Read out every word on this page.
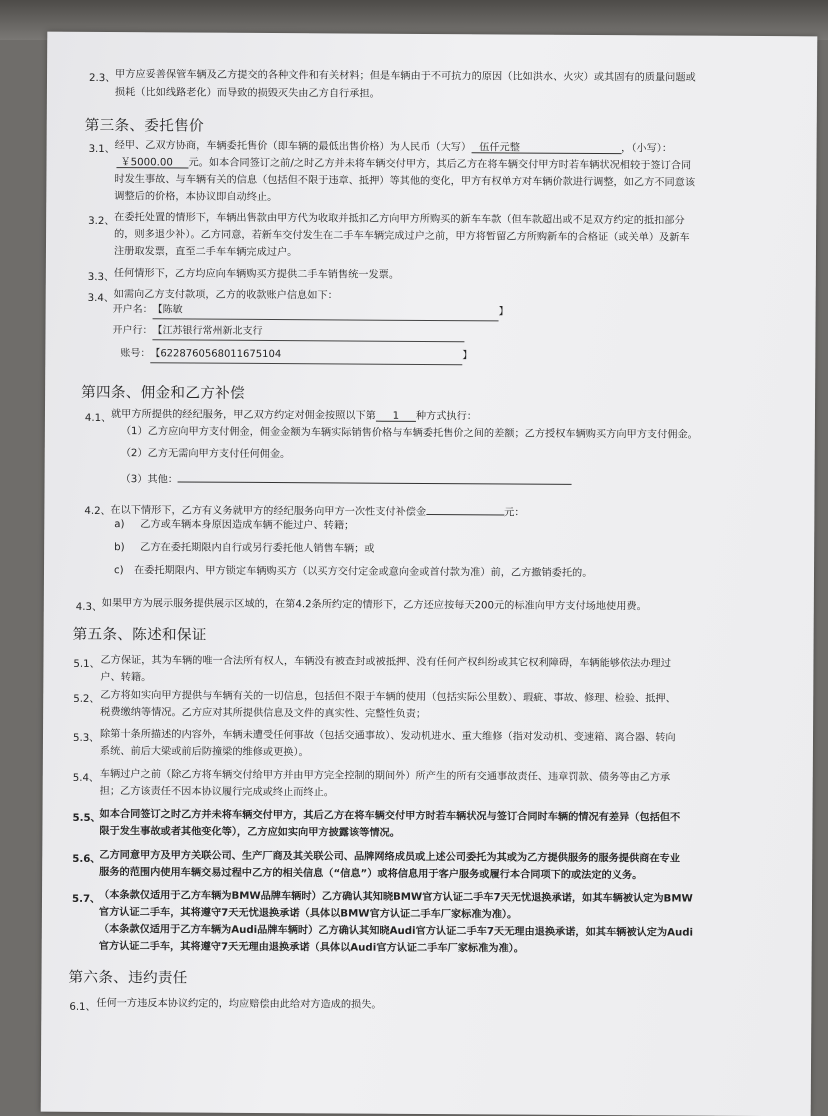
2.3、 甲方应妥善保管车辆及乙方提交的各种文件和有关材料；但是车辆由于不可抗力的原因（比如洪水、火灾）或其固有的质量问题或
损耗（比如线路老化）而导致的损毁灭失由乙方自行承担。
第三条、委托售价
3.1、 经甲、乙双方协商，车辆委托售价（即车辆的最低出售价格）为人民币（大写） 伍仟元整	，（小写）：
￥5000.00 元。如本合同签订之前/之时乙方并未将车辆交付甲方，其后乙方在将车辆交付甲方时若车辆状况相较于签订合同
时发生事故、与车辆有关的信息（包括但不限于违章、抵押）等其他的变化，甲方有权单方对车辆价款进行调整，如乙方不同意该
调整后的价格，本协议即自动终止。
3.2、 在委托处置的情形下，车辆出售款由甲方代为收取并抵扣乙方向甲方所购买的新车车款（但车款超出或不足双方约定的抵扣部分
的，则多退少补）。乙方同意，若新车交付发生在二手车车辆完成过户之前，甲方将暂留乙方所购新车的合格证（或关单）及新车
注册取发票，直至二手车车辆完成过户。
3.3、 任何情形下，乙方均应向车辆购买方提供二手车销售统一发票。
3.4、 如需向乙方支付款项，乙方的收款账户信息如下：
开户名：【陈敏	】
开户行：【江苏银行常州新北支行
账号：【6228760568011675104	】
第四条、佣金和乙方补偿
4.1、 就甲方所提供的经纪服务，甲乙双方约定对佣金按照以下第 1 种方式执行：
（1）乙方应向甲方支付佣金，佣金金额为车辆实际销售价格与车辆委托售价之间的差额；乙方授权车辆购买方向甲方支付佣金。
（2）乙方无需向甲方支付任何佣金。
（3）其他：
4.2、 在以下情形下，乙方有义务就甲方的经纪服务向甲方一次性支付补偿金	元：
a) 乙方或车辆本身原因造成车辆不能过户、转籍；
b) 乙方在委托期限内自行或另行委托他人销售车辆；或
c) 在委托期限内、甲方锁定车辆购买方（以买方交付定金或意向金或首付款为准）前，乙方撤销委托的。
4.3、 如果甲方为展示服务提供展示区域的，在第4.2条所约定的情形下，乙方还应按每天200元的标准向甲方支付场地使用费。
第五条、陈述和保证
5.1、 乙方保证，其为车辆的唯一合法所有权人，车辆没有被查封或被抵押、没有任何产权纠纷或其它权利障碍，车辆能够依法办理过
户、转籍。
5.2、 乙方将如实向甲方提供与车辆有关的一切信息，包括但不限于车辆的使用（包括实际公里数）、瑕疵、事故、修理、检验、抵押、
税费缴纳等情况。乙方应对其所提供信息及文件的真实性、完整性负责；
5.3、 除第十条所描述的内容外，车辆未遭受任何事故（包括交通事故）、发动机进水、重大维修（指对发动机、变速箱、离合器、转向
系统、前后大梁或前后防撞梁的维修或更换）。
5.4、 车辆过户之前（除乙方将车辆交付给甲方并由甲方完全控制的期间外）所产生的所有交通事故责任、违章罚款、债务等由乙方承
担；乙方该责任不因本协议履行完成或终止而终止。
5.5、
如本合同签订之时乙方并未将车辆交付甲方，其后乙方在将车辆交付甲方时若车辆状况与签订合同时车辆的情况有差异（包括但不
限于发生事故或者其他变化等），乙方应如实向甲方披露该等情况。
5.6、
乙方同意甲方及甲方关联公司、生产厂商及其关联公司、品牌网络成员或上述公司委托为其或为乙方提供服务的服务提供商在专业
服务的范围内使用车辆交易过程中乙方的相关信息（“信息”）或将信息用于客户服务或履行本合同项下的或法定的义务。
5.7、
（本条款仅适用于乙方车辆为BMW品牌车辆时）乙方确认其知晓BMW官方认证二手车7天无忧退换承诺，如其车辆被认定为BMW
官方认证二手车，其将遵守7天无忧退换承诺（具体以BMW官方认证二手车厂家标准为准）。
（本条款仅适用于乙方车辆为Audi品牌车辆时）乙方确认其知晓Audi官方认证二手车7天无理由退换承诺，如其车辆被认定为Audi
官方认证二手车，其将遵守7天无理由退换承诺（具体以Audi官方认证二手车厂家标准为准）。
第六条、违约责任
6.1、 任何一方违反本协议约定的，均应赔偿由此给对方造成的损失。
